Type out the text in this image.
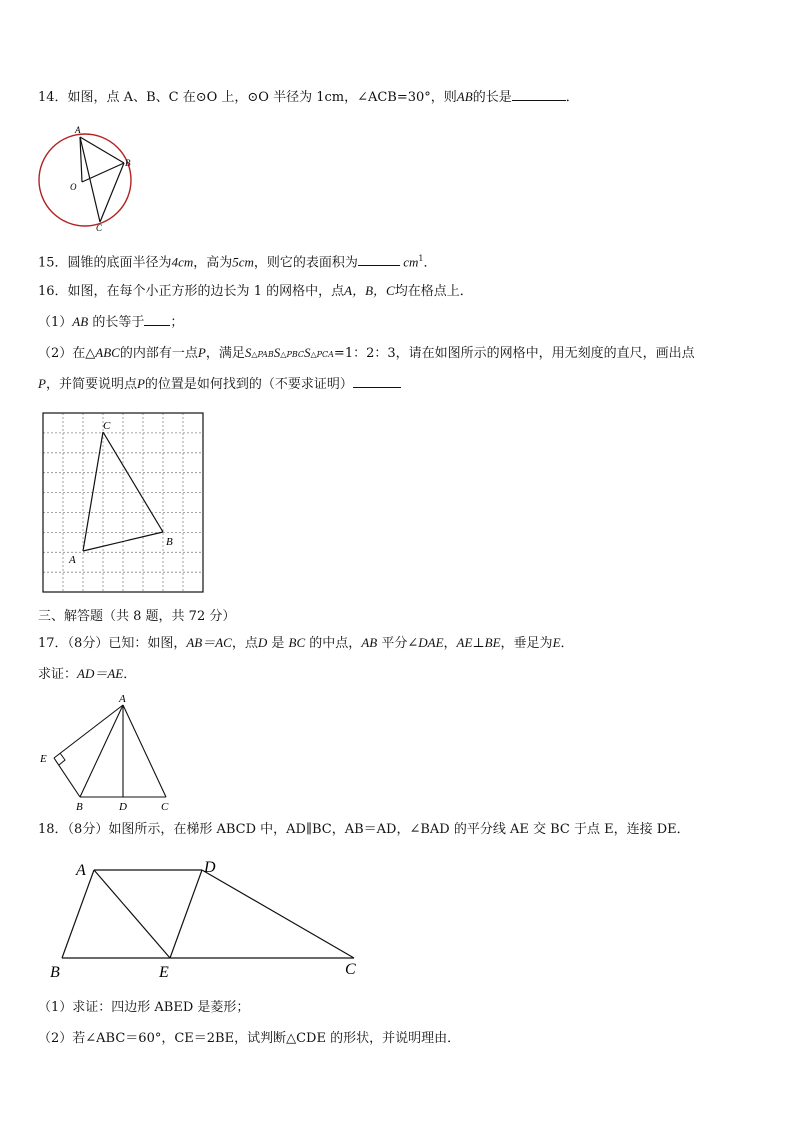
14．如图，点 A、B、C 在⊙O 上，⊙O 半径为 1cm，∠ACB=30°，则AB的长是	．
A
B
C
O
15．圆锥的底面半径为4cm，高为5cm，则它的表面积为	$cm^1$．
16．如图，在每个小正方形的边长为 1 的网格中，点A，B，C均在格点上．
（1）AB 的长等于 ；
（2）在△ABC的内部有一点P，满足S△PABS△PBCS△PCA=1：2：3，请在如图所示的网格中，用无刻度的直尺，画出点
P，并简要说明点P的位置是如何找到的（不要求证明）
C
B
A
三、解答题（共 8 题，共 72 分）
17．（8分）已知：如图，AB＝AC，点D 是 BC 的中点，AB 平分∠DAE，AE⊥BE，垂足为E．
求证：AD＝AE．
A
E
B	D	C
18．（8分）如图所示，在梯形 ABCD 中，AD∥BC，AB＝AD，∠BAD 的平分线 AE 交 BC 于点 E，连接 DE．
A	D
B	E	C
（1）求证：四边形 ABED 是菱形；
（2）若∠ABC＝60°，CE＝2BE，试判断△CDE 的形状，并说明理由．
